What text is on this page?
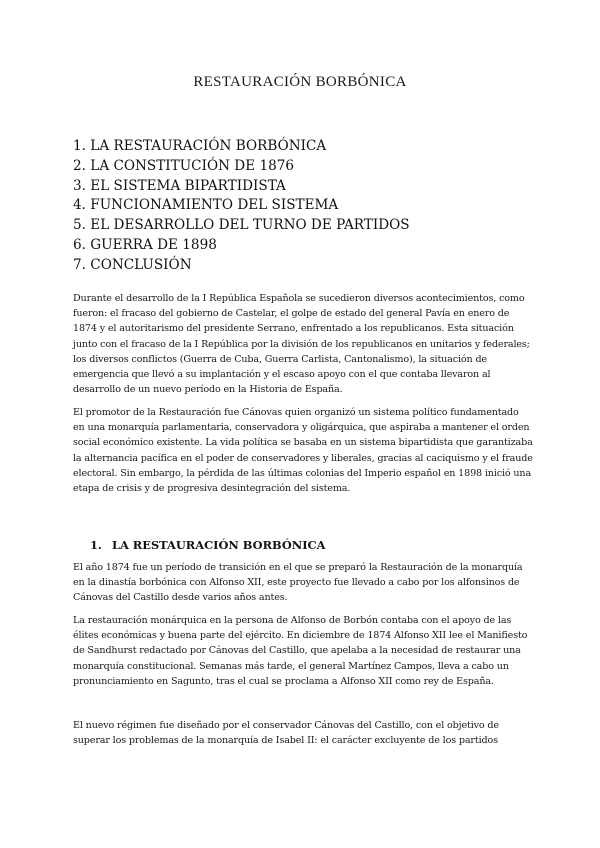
RESTAURACIÓN BORBÓNICA
1. LA RESTAURACIÓN BORBÓNICA
2. LA CONSTITUCIÓN DE 1876
3. EL SISTEMA BIPARTIDISTA
4. FUNCIONAMIENTO DEL SISTEMA
5. EL DESARROLLO DEL TURNO DE PARTIDOS
6. GUERRA DE 1898
7. CONCLUSIÓN

Durante el desarrollo de la I República Española se sucedieron diversos acontecimientos, como fueron: el fracaso del gobierno de Castelar, el golpe de estado del general Pavía en enero de 1874 y el autoritarismo del presidente Serrano, enfrentado a los republicanos. Esta situación junto con el fracaso de la I República por la división de los republicanos en unitarios y federales; los diversos conflictos (Guerra de Cuba, Guerra Carlista, Cantonalismo), la situación de emergencia que llevó a su implantación y el escaso apoyo con el que contaba llevaron al desarrollo de un nuevo período en la Historia de España.

El promotor de la Restauración fue Cánovas quien organizó un sistema político fundamentado en una monarquía parlamentaria, conservadora y oligárquica, que aspiraba a mantener el orden social económico existente. La vida política se basaba en un sistema bipartidista que garantizaba la alternancia pacífica en el poder de conservadores y liberales, gracias al caciquismo y el fraude electoral. Sin embargo, la pérdida de las últimas colonias del Imperio español en 1898 inició una etapa de crisis y de progresiva desintegración del sistema.

1. LA RESTAURACIÓN BORBÓNICA

El año 1874 fue un período de transición en el que se preparó la Restauración de la monarquía en la dinastía borbónica con Alfonso XII, este proyecto fue llevado a cabo por los alfonsinos de Cánovas del Castillo desde varios años antes.

La restauración monárquica en la persona de Alfonso de Borbón contaba con el apoyo de las élites económicas y buena parte del ejército. En diciembre de 1874 Alfonso XII lee el Manifiesto de Sandhurst redactado por Cánovas del Castillo, que apelaba a la necesidad de restaurar una monarquía constitucional. Semanas más tarde, el general Martínez Campos, lleva a cabo un pronunciamiento en Sagunto, tras el cual se proclama a Alfonso XII como rey de España.

El nuevo régimen fue diseñado por el conservador Cánovas del Castillo, con el objetivo de superar los problemas de la monarquía de Isabel II: el carácter excluyente de los partidos
